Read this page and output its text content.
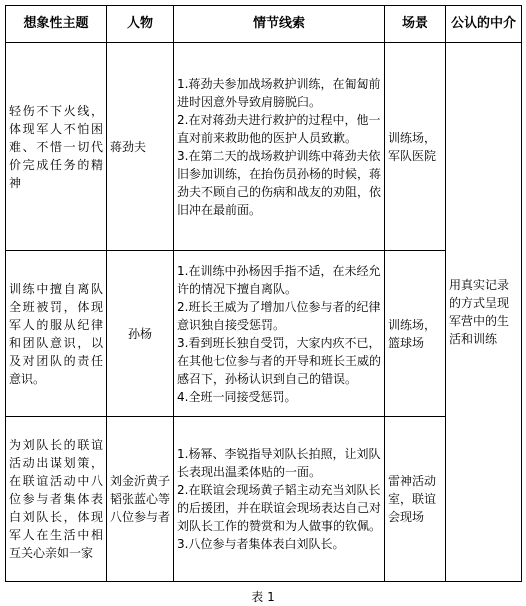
想象性主题	人物	情节线索	场景	公认的中介
轻伤不下火线，体现军人不怕困难、不惜一切代价完成任务的精神	蒋劲夫	1.蒋劲夫参加战场救护训练，在匍匐前进时因意外导致肩膀脱臼。
2.在对蒋劲夫进行救护的过程中，他一直对前来救助他的医护人员致歉。
3.在第二天的战场救护训练中蒋劲夫依旧参加训练，在抬伤员孙杨的时候，蒋劲夫不顾自己的伤病和战友的劝阻，依旧冲在最前面。	训练场，军队医院	用真实记录的方式呈现军营中的生活和训练
训练中擅自离队全班被罚，体现军人的服从纪律和团队意识，以及对团队的责任意识。	孙杨	1.在训练中孙杨因手指不适，在未经允许的情况下擅自离队。
2.班长王威为了增加八位参与者的纪律意识独自接受惩罚。
3.看到班长独自受罚，大家内疚不已，在其他七位参与者的开导和班长王威的感召下，孙杨认识到自己的错误。
4.全班一同接受惩罚。	训练场，篮球场	
为刘队长的联谊活动出谋划策，在联谊活动中八位参与者集体表白刘队长，体现军人在生活中相互关心亲如一家	刘金沂黄子韬张蓝心等八位参与者	1.杨幂、李锐指导刘队长拍照，让刘队长表现出温柔体贴的一面。
2.在联谊会现场黄子韬主动充当刘队长的后援团，并在联谊会现场表达自己对刘队长工作的赞赏和为人做事的钦佩。
3.八位参与者集体表白刘队长。	雷神活动室，联谊会现场	
表 1
